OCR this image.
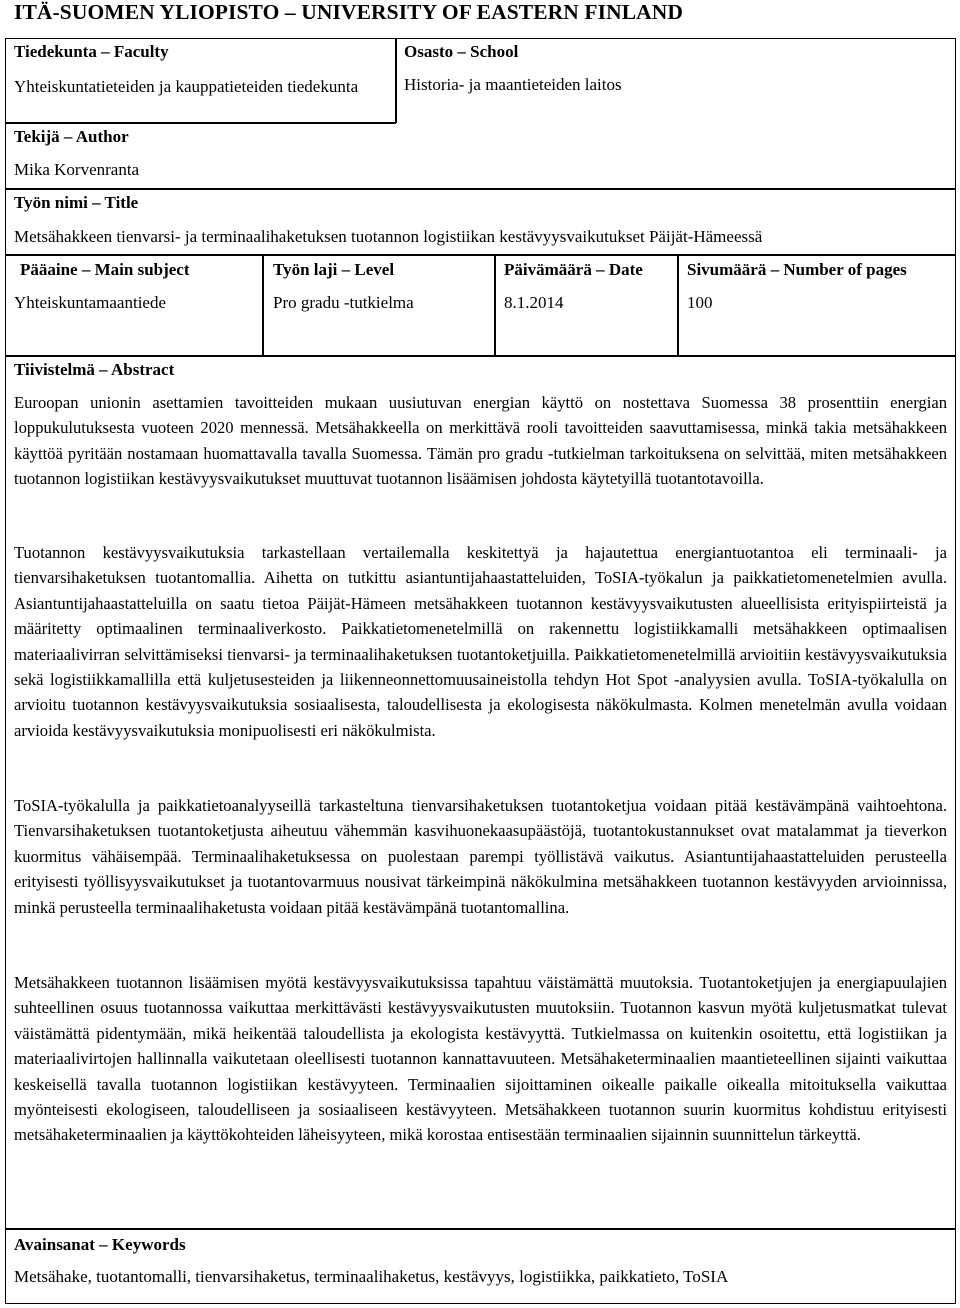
ITÄ-SUOMEN YLIOPISTO – UNIVERSITY OF EASTERN FINLAND
Tiedekunta – Faculty
Yhteiskuntatieteiden ja kauppatieteiden tiedekunta
Osasto – School
Historia- ja maantieteiden laitos
Tekijä – Author
Mika Korvenranta
Työn nimi – Title
Metsähakkeen tienvarsi- ja terminaalihaketuksen tuotannon logistiikan kestävyysvaikutukset Päijät-Hämeessä
Pääaine – Main subject
Yhteiskuntamaantiede
Työn laji – Level
Pro gradu -tutkielma
Päivämäärä – Date
8.1.2014
Sivumäärä – Number of pages
100
Tiivistelmä – Abstract
Euroopan unionin asettamien tavoitteiden mukaan uusiutuvan energian käyttö on nostettava Suomessa 38 prosenttiin energian loppukulutuksesta vuoteen 2020 mennessä. Metsähakkeella on merkittävä rooli tavoitteiden saavuttamisessa, minkä takia metsähakkeen käyttöä pyritään nostamaan huomattavalla tavalla Suomessa. Tämän pro gradu -tutkielman tarkoituksena on selvittää, miten metsähakkeen tuotannon logistiikan kestävyysvaikutukset muuttuvat tuotannon lisäämisen johdosta käytetyillä tuotantotavoilla.
Tuotannon kestävyysvaikutuksia tarkastellaan vertailemalla keskitettyä ja hajautettua energiantuotantoa eli terminaali- ja tienvarsihaketuksen tuotantomallia. Aihetta on tutkittu asiantuntijahaastatteluiden, ToSIA-työkalun ja paikkatietomenetelmien avulla. Asiantuntijahaastatteluilla on saatu tietoa Päijät-Hämeen metsähakkeen tuotannon kestävyysvaikutusten alueellisista erityispiirteistä ja määritetty optimaalinen terminaaliverkosto. Paikkatietomenetelmillä on rakennettu logistiikkamalli metsähakkeen optimaalisen materiaalivirran selvittämiseksi tienvarsi- ja terminaalihaketuksen tuotantoketjuilla. Paikkatietomenetelmillä arvioitiin kestävyysvaikutuksia sekä logistiikkamallilla että kuljetusesteiden ja liikenneonnettomuusaineistolla tehdyn Hot Spot -analyysien avulla. ToSIA-työkalulla on arvioitu tuotannon kestävyysvaikutuksia sosiaalisesta, taloudellisesta ja ekologisesta näkökulmasta. Kolmen menetelmän avulla voidaan arvioida kestävyysvaikutuksia monipuolisesti eri näkökulmista.
ToSIA-työkalulla ja paikkatietoanalyyseillä tarkasteltuna tienvarsihaketuksen tuotantoketjua voidaan pitää kestävämpänä vaihtoehtona. Tienvarsihaketuksen tuotantoketjusta aiheutuu vähemmän kasvihuonekaasupäästöjä, tuotantokustannukset ovat matalammat ja tieverkon kuormitus vähäisempää. Terminaalihaketuksessa on puolestaan parempi työllistävä vaikutus. Asiantuntijahaastatteluiden perusteella erityisesti työllisyysvaikutukset ja tuotantovarmuus nousivat tärkeimpinä näkökulmina metsähakkeen tuotannon kestävyyden arvioinnissa, minkä perusteella terminaalihaketusta voidaan pitää kestävämpänä tuotantomallina.
Metsähakkeen tuotannon lisäämisen myötä kestävyysvaikutuksissa tapahtuu väistämättä muutoksia. Tuotantoketjujen ja energiapuulajien suhteellinen osuus tuotannossa vaikuttaa merkittävästi kestävyysvaikutusten muutoksiin. Tuotannon kasvun myötä kuljetusmatkat tulevat väistämättä pidentymään, mikä heikentää taloudellista ja ekologista kestävyyttä. Tutkielmassa on kuitenkin osoitettu, että logistiikan ja materiaalivirtojen hallinnalla vaikutetaan oleellisesti tuotannon kannattavuuteen. Metsähaketerminaalien maantieteellinen sijainti vaikuttaa keskeisellä tavalla tuotannon logistiikan kestävyyteen. Terminaalien sijoittaminen oikealle paikalle oikealla mitoituksella vaikuttaa myönteisesti ekologiseen, taloudelliseen ja sosiaaliseen kestävyyteen. Metsähakkeen tuotannon suurin kuormitus kohdistuu erityisesti metsähaketerminaalien ja käyttökohteiden läheisyyteen, mikä korostaa entisestään terminaalien sijainnin suunnittelun tärkeyttä.
Avainsanat – Keywords
Metsähake, tuotantomalli, tienvarsihaketus, terminaalihaketus, kestävyys, logistiikka, paikkatieto, ToSIA
